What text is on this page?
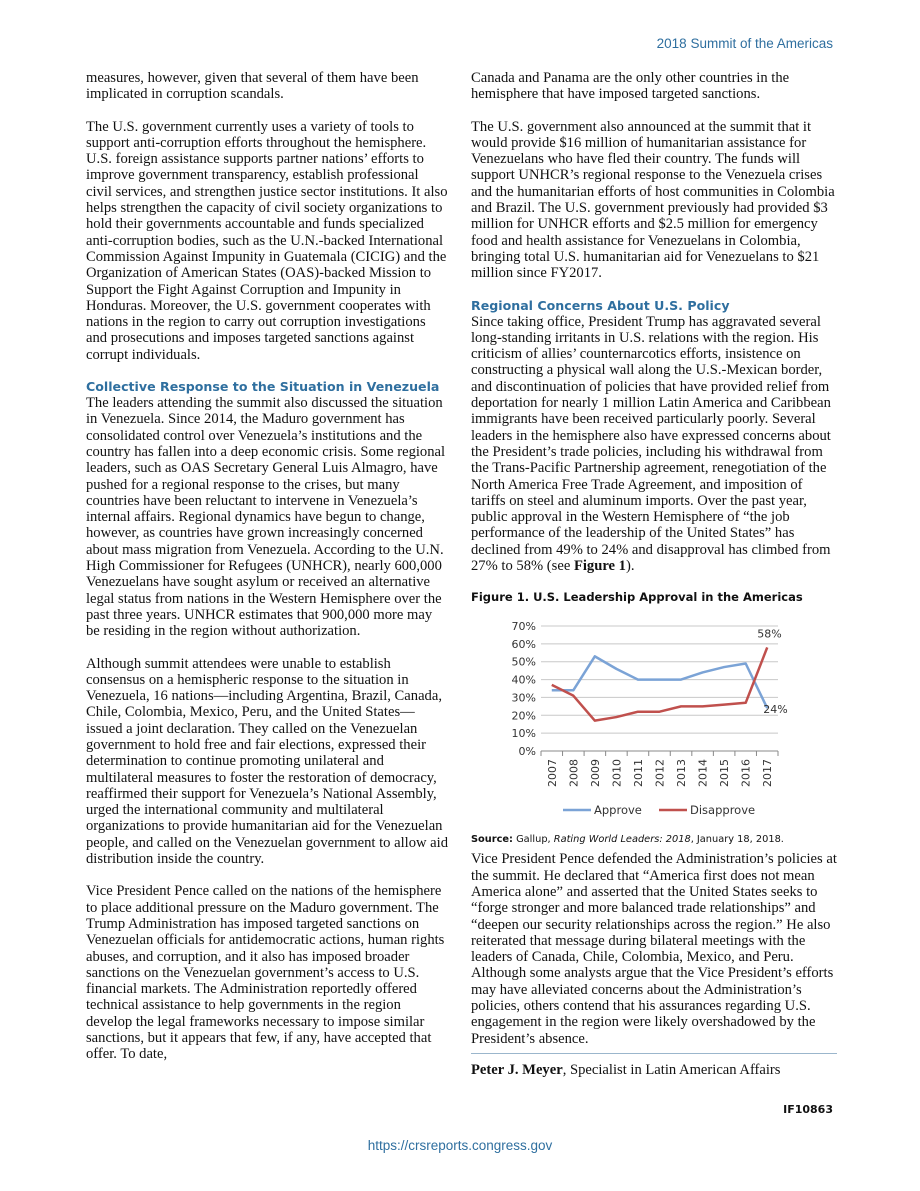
2018 Summit of the Americas

measures, however, given that several of them have been implicated in corruption scandals.

The U.S. government currently uses a variety of tools to support anti-corruption efforts throughout the hemisphere. U.S. foreign assistance supports partner nations’ efforts to improve government transparency, establish professional civil services, and strengthen justice sector institutions. It also helps strengthen the capacity of civil society organizations to hold their governments accountable and funds specialized anti-corruption bodies, such as the U.N.-backed International Commission Against Impunity in Guatemala (CICIG) and the Organization of American States (OAS)-backed Mission to Support the Fight Against Corruption and Impunity in Honduras. Moreover, the U.S. government cooperates with nations in the region to carry out corruption investigations and prosecutions and imposes targeted sanctions against corrupt individuals.

Collective Response to the Situation in Venezuela

The leaders attending the summit also discussed the situation in Venezuela. Since 2014, the Maduro government has consolidated control over Venezuela’s institutions and the country has fallen into a deep economic crisis. Some regional leaders, such as OAS Secretary General Luis Almagro, have pushed for a regional response to the crises, but many countries have been reluctant to intervene in Venezuela’s internal affairs. Regional dynamics have begun to change, however, as countries have grown increasingly concerned about mass migration from Venezuela. According to the U.N. High Commissioner for Refugees (UNHCR), nearly 600,000 Venezuelans have sought asylum or received an alternative legal status from nations in the Western Hemisphere over the past three years. UNHCR estimates that 900,000 more may be residing in the region without authorization.

Although summit attendees were unable to establish consensus on a hemispheric response to the situation in Venezuela, 16 nations—including Argentina, Brazil, Canada, Chile, Colombia, Mexico, Peru, and the United States—issued a joint declaration. They called on the Venezuelan government to hold free and fair elections, expressed their determination to continue promoting unilateral and multilateral measures to foster the restoration of democracy, reaffirmed their support for Venezuela’s National Assembly, urged the international community and multilateral organizations to provide humanitarian aid for the Venezuelan people, and called on the Venezuelan government to allow aid distribution inside the country.

Vice President Pence called on the nations of the hemisphere to place additional pressure on the Maduro government. The Trump Administration has imposed targeted sanctions on Venezuelan officials for antidemocratic actions, human rights abuses, and corruption, and it also has imposed broader sanctions on the Venezuelan government’s access to U.S. financial markets. The Administration reportedly offered technical assistance to help governments in the region develop the legal frameworks necessary to impose similar sanctions, but it appears that few, if any, have accepted that offer. To date,

Canada and Panama are the only other countries in the hemisphere that have imposed targeted sanctions.

The U.S. government also announced at the summit that it would provide $16 million of humanitarian assistance for Venezuelans who have fled their country. The funds will support UNHCR’s regional response to the Venezuela crises and the humanitarian efforts of host communities in Colombia and Brazil. The U.S. government previously had provided $3 million for UNHCR efforts and $2.5 million for emergency food and health assistance for Venezuelans in Colombia, bringing total U.S. humanitarian aid for Venezuelans to $21 million since FY2017.

Regional Concerns About U.S. Policy

Since taking office, President Trump has aggravated several long-standing irritants in U.S. relations with the region. His criticism of allies’ counternarcotics efforts, insistence on constructing a physical wall along the U.S.-Mexican border, and discontinuation of policies that have provided relief from deportation for nearly 1 million Latin America and Caribbean immigrants have been received particularly poorly. Several leaders in the hemisphere also have expressed concerns about the President’s trade policies, including his withdrawal from the Trans-Pacific Partnership agreement, renegotiation of the North America Free Trade Agreement, and imposition of tariffs on steel and aluminum imports. Over the past year, public approval in the Western Hemisphere of “the job performance of the leadership of the United States” has declined from 49% to 24% and disapproval has climbed from 27% to 58% (see Figure 1).

Figure 1. U.S. Leadership Approval in the Americas
0%
10%
20%
30%
40%
50%
60%
70%
2007 2008 2009 2010 2011 2012 2013 2014 2015 2016 2017
24%
58%
Approve	Disapprove
Source: Gallup, Rating World Leaders: 2018, January 18, 2018.

Vice President Pence defended the Administration’s policies at the summit. He declared that “America first does not mean America alone” and asserted that the United States seeks to “forge stronger and more balanced trade relationships” and “deepen our security relationships across the region.” He also reiterated that message during bilateral meetings with the leaders of Canada, Chile, Colombia, Mexico, and Peru. Although some analysts argue that the Vice President’s efforts may have alleviated concerns about the Administration’s policies, others contend that his assurances regarding U.S. engagement in the region were likely overshadowed by the President’s absence.

Peter J. Meyer, Specialist in Latin American Affairs
IF10863
https://crsreports.congress.gov
